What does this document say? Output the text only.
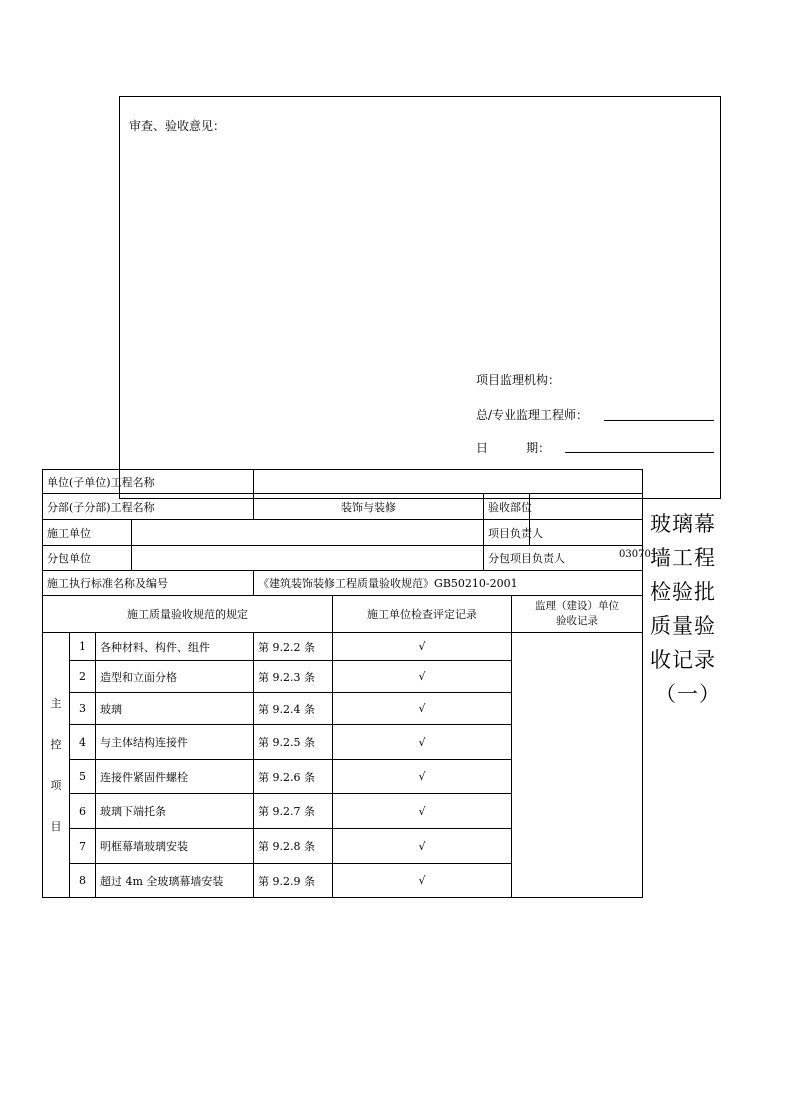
审查、验收意见：
项目监理机构：
总/专业监理工程师：
日          期：
单位(子单位)工程名称								
分部(子分部)工程名称				装饰与装修		验收部位		
施工单位						项目负责人		
分包单位						分包项目负责人		
施工执行标准名称及编号				《建筑装饰装修工程质量验收规范》GB50210-2001				
施工质量验收规范的规定					施工单位检查评定记录		监理（建设）单位
验收记录	

主
控
项
目	1	各种材料、构件、组件		第 9.2.2 条	√			
	2	造型和立面分格		第 9.2.3 条	√			
	3	玻璃		第 9.2.4 条	√			
	4	与主体结构连接件		第 9.2.5 条	√			
	5	连接件紧固件螺栓		第 9.2.6 条	√			
	6	玻璃下端托条		第 9.2.7 条	√			
	7	明框幕墙玻璃安装		第 9.2.8 条	√			
	8	超过 4m 全玻璃幕墙安装		第 9.2.9 条	√			
030701
玻璃幕
墙工程
检验批
质量验
收记录
（一）
